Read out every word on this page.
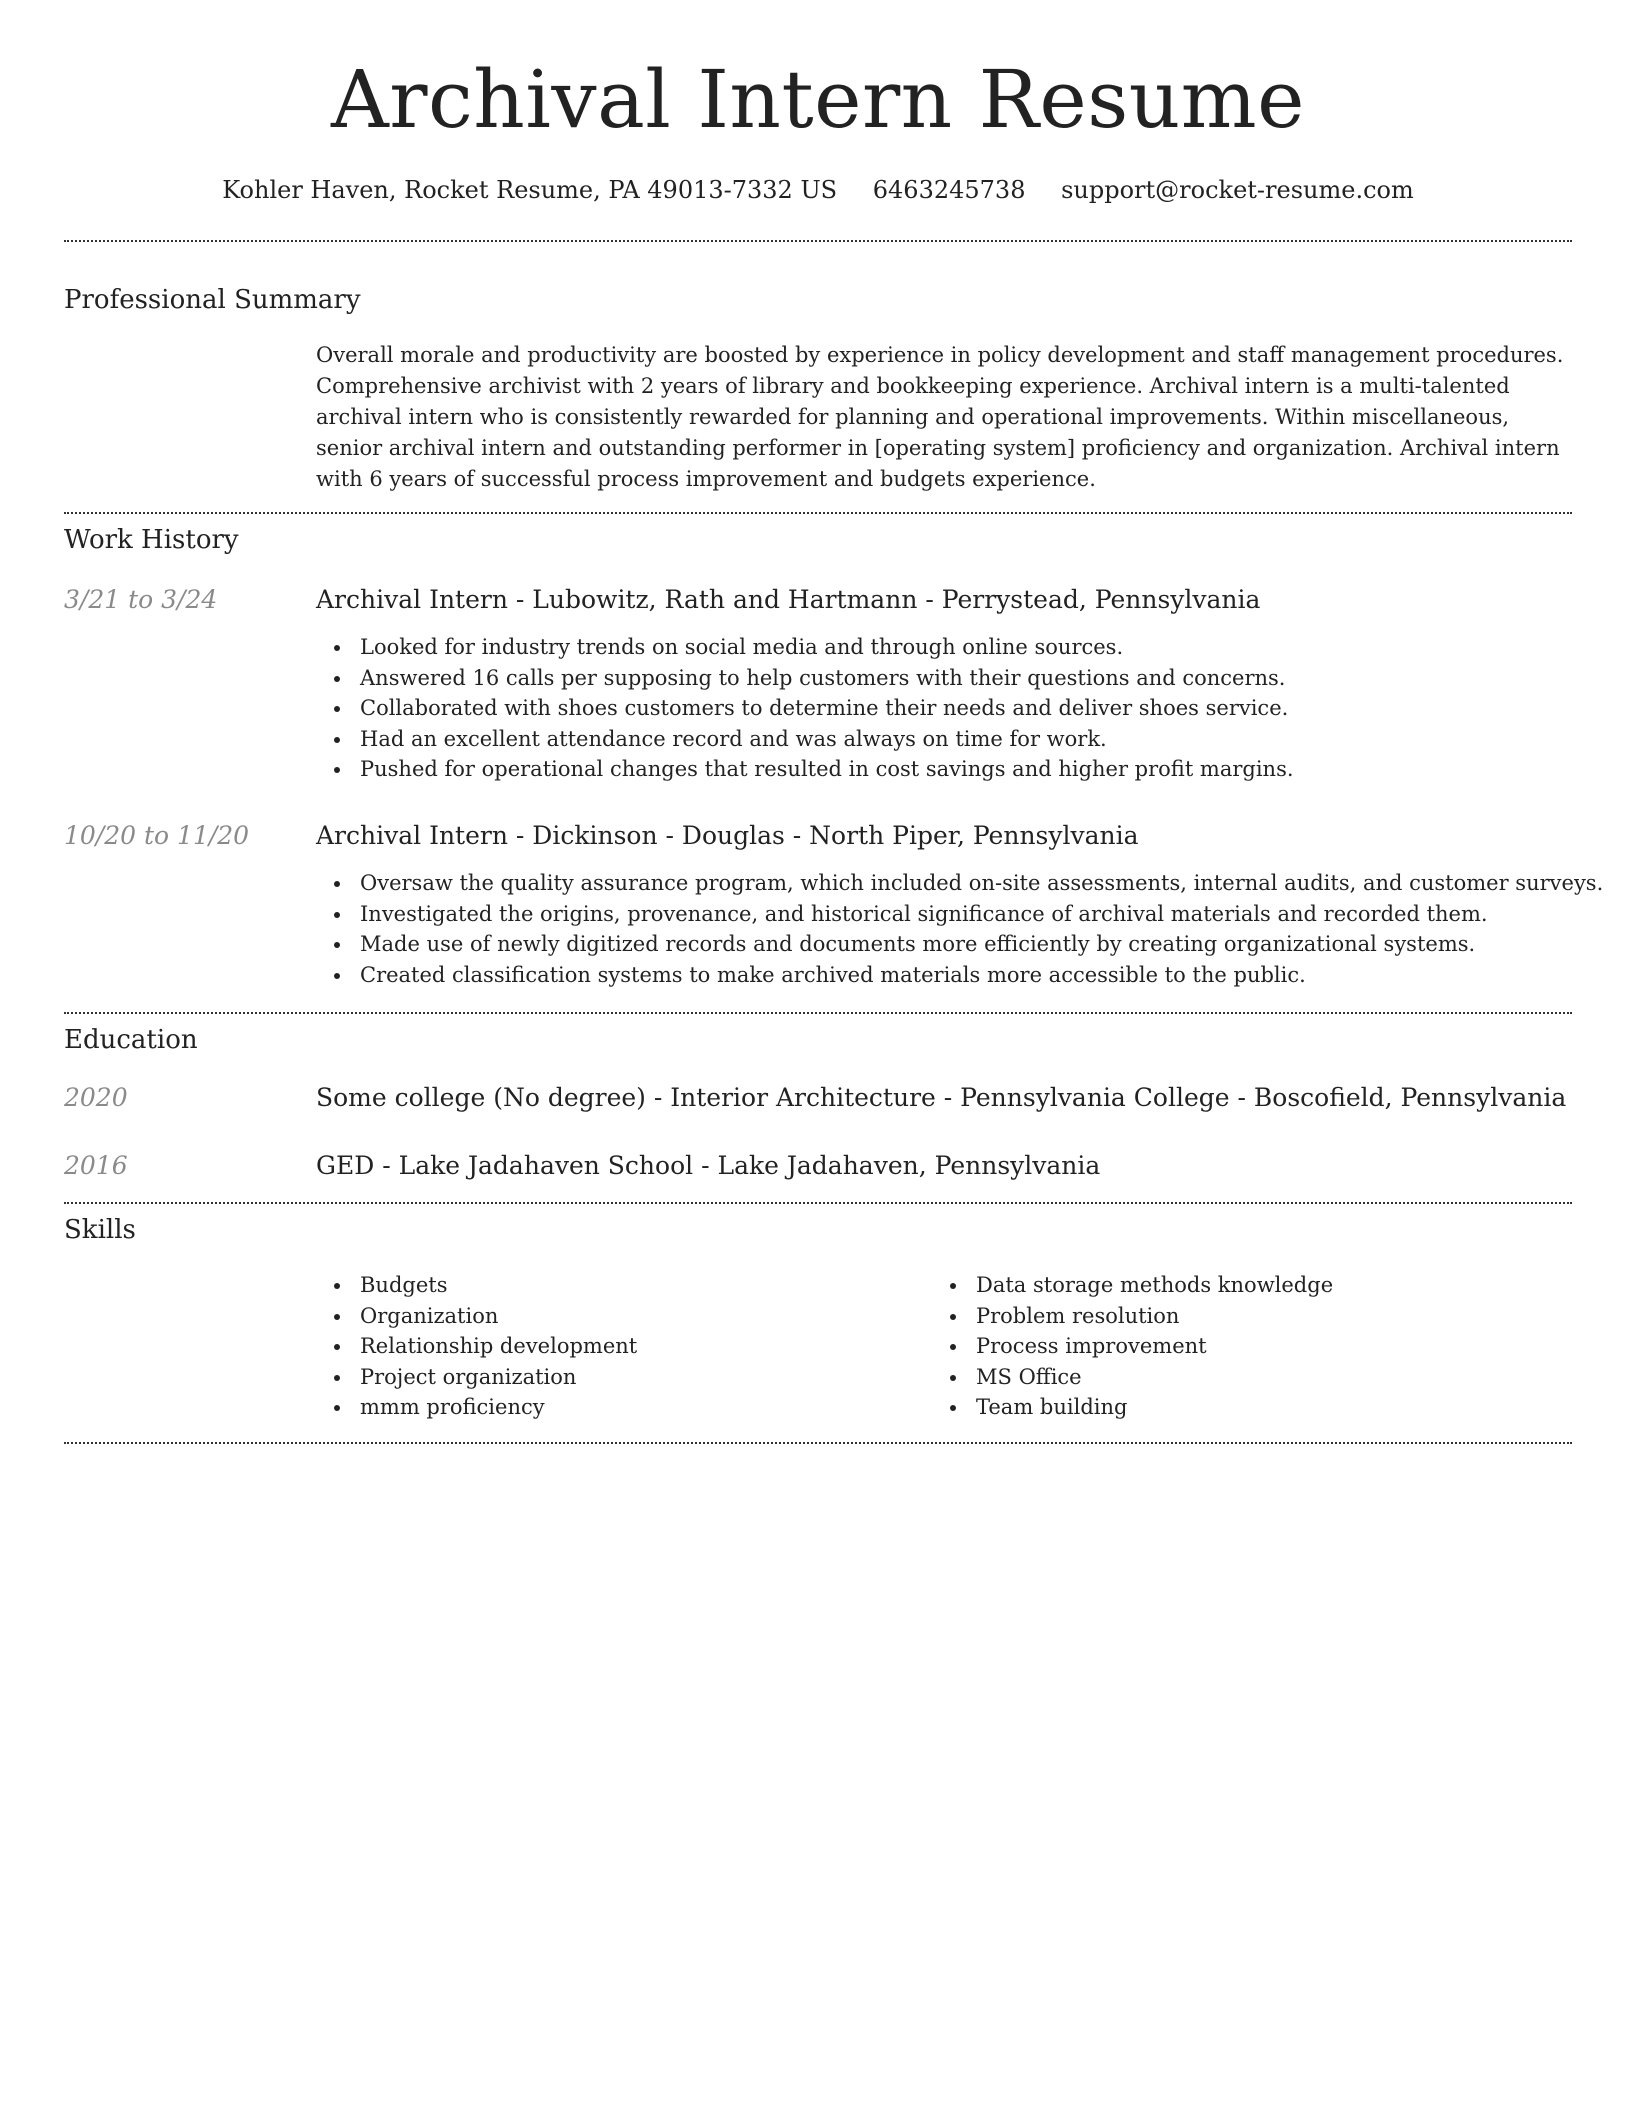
Archival Intern Resume
Kohler Haven, Rocket Resume, PA 49013-7332 US 6463245738 support@rocket-resume.com
Professional Summary

Overall morale and productivity are boosted by experience in policy development and staff management procedures. Comprehensive archivist with 2 years of library and bookkeeping experience. Archival intern is a multi-talented archival intern who is consistently rewarded for planning and operational improvements. Within miscellaneous, senior archival intern and outstanding performer in [operating system] proficiency and organization. Archival intern with 6 years of successful process improvement and budgets experience.

Work History
3/21 to 3/24	Archival Intern - Lubowitz, Rath and Hartmann - Perrystead, Pennsylvania
Looked for industry trends on social media and through online sources.
Answered 16 calls per supposing to help customers with their questions and concerns.
Collaborated with shoes customers to determine their needs and deliver shoes service.
Had an excellent attendance record and was always on time for work.
Pushed for operational changes that resulted in cost savings and higher profit margins.
10/20 to 11/20	Archival Intern - Dickinson - Douglas - North Piper, Pennsylvania
Oversaw the quality assurance program, which included on-site assessments, internal audits, and customer surveys.
Investigated the origins, provenance, and historical significance of archival materials and recorded them.
Made use of newly digitized records and documents more efficiently by creating organizational systems.
Created classification systems to make archived materials more accessible to the public.
Education
2020	Some college (No degree) - Interior Architecture - Pennsylvania College - Boscofield, Pennsylvania
2016	GED - Lake Jadahaven School - Lake Jadahaven, Pennsylvania
Skills
Budgets
Organization
Relationship development
Project organization
mmm proficiency
Data storage methods knowledge
Problem resolution
Process improvement
MS Office
Team building
